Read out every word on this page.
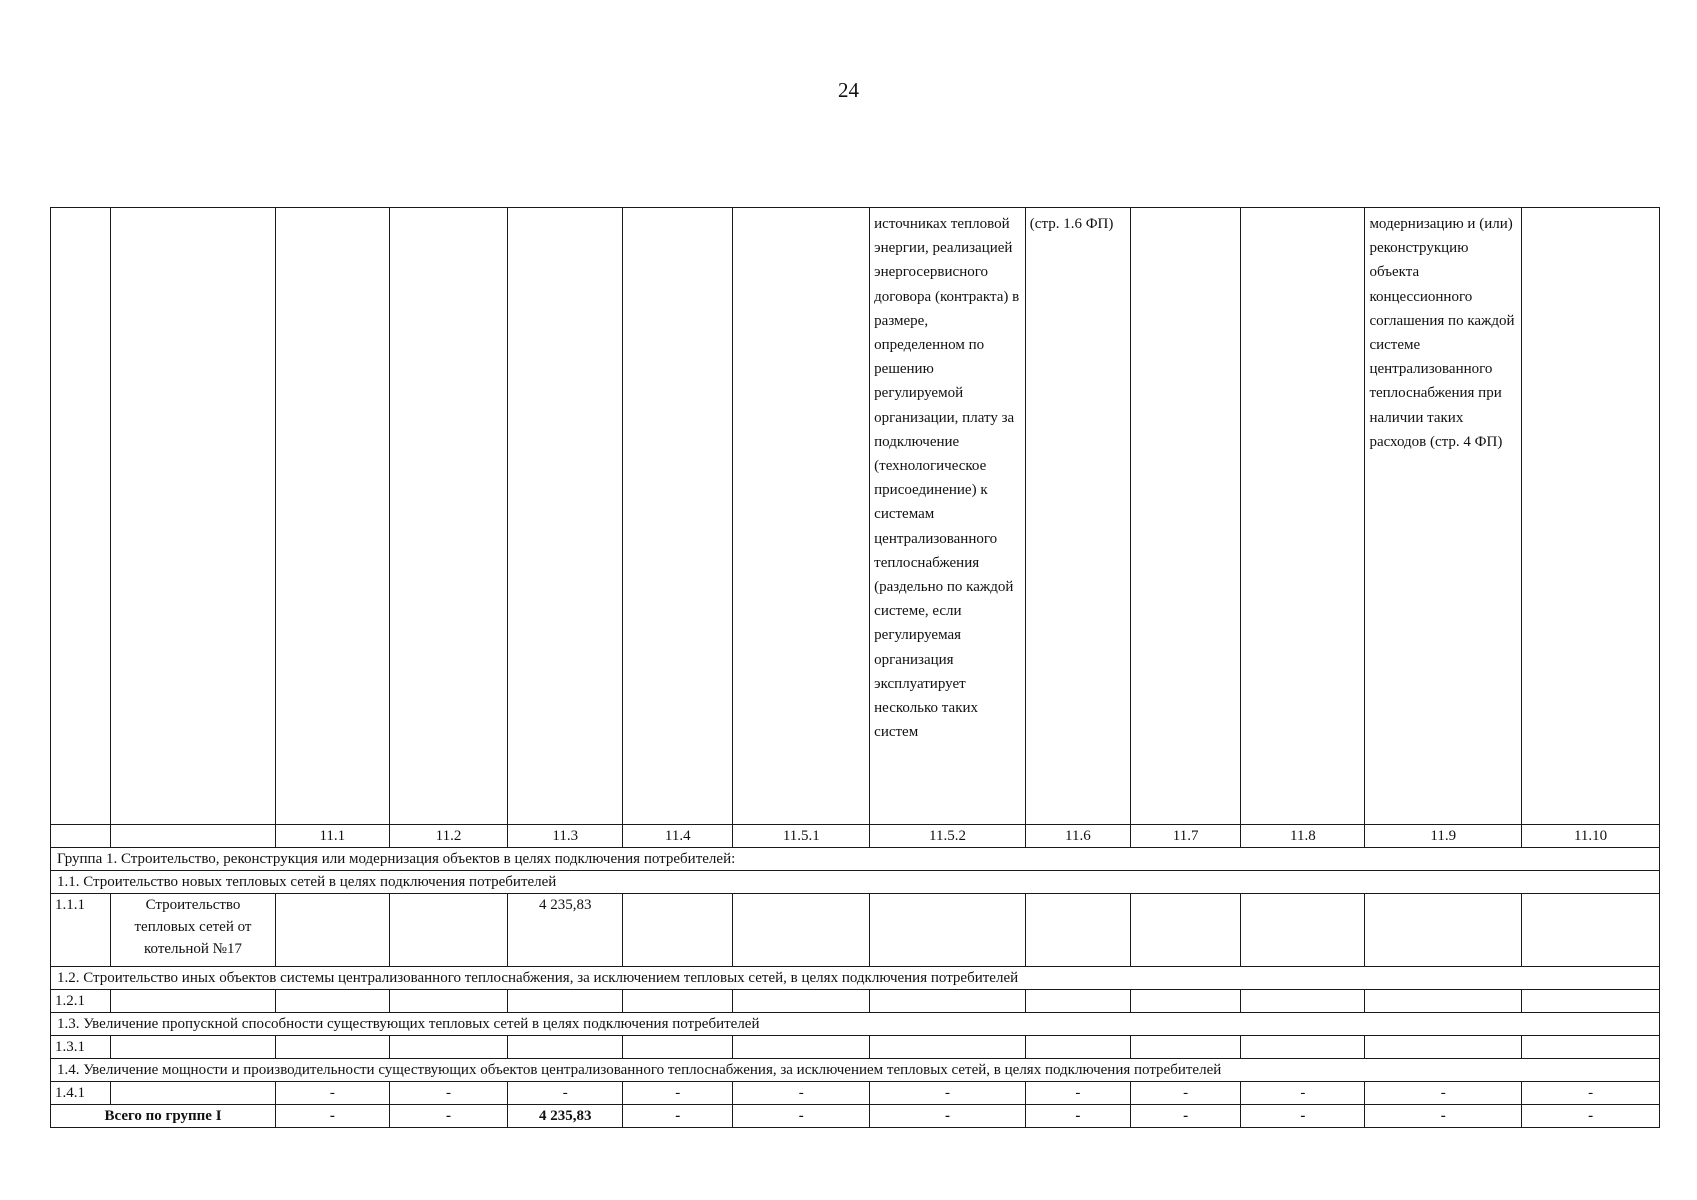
24
							источниках тепловой энергии, реализацией энергосервисного договора (контракта) в размере, определенном по решению регулируемой организации, плату за подключение (технологическое присоединение) к системам централизованного теплоснабжения (раздельно по каждой системе, если регулируемая организация эксплуатирует несколько таких систем	(стр. 1.6 ФП)			модернизацию и (или) реконструкцию объекта концессионного соглашения по каждой системе централизованного теплоснабжения при наличии таких расходов (стр. 4 ФП)	
		11.1	11.2	11.3	11.4	11.5.1	11.5.2	11.6	11.7	11.8	11.9	11.10
Группа 1. Строительство, реконструкция или модернизация объектов в целях подключения потребителей:												
1.1. Строительство новых тепловых сетей в целях подключения потребителей												
1.1.1	Строительство тепловых сетей от котельной №17			4 235,83								
1.2. Строительство иных объектов системы централизованного теплоснабжения, за исключением тепловых сетей, в целях подключения потребителей												
1.2.1												
1.3. Увеличение пропускной способности существующих тепловых сетей в целях подключения потребителей												
1.3.1												
1.4. Увеличение мощности и производительности существующих объектов централизованного теплоснабжения, за исключением тепловых сетей, в целях подключения потребителей												
1.4.1		-	-	-	-	-	-	-	-	-	-	-
Всего по группе I		-	-	4 235,83	-	-	-	-	-	-	-	-
